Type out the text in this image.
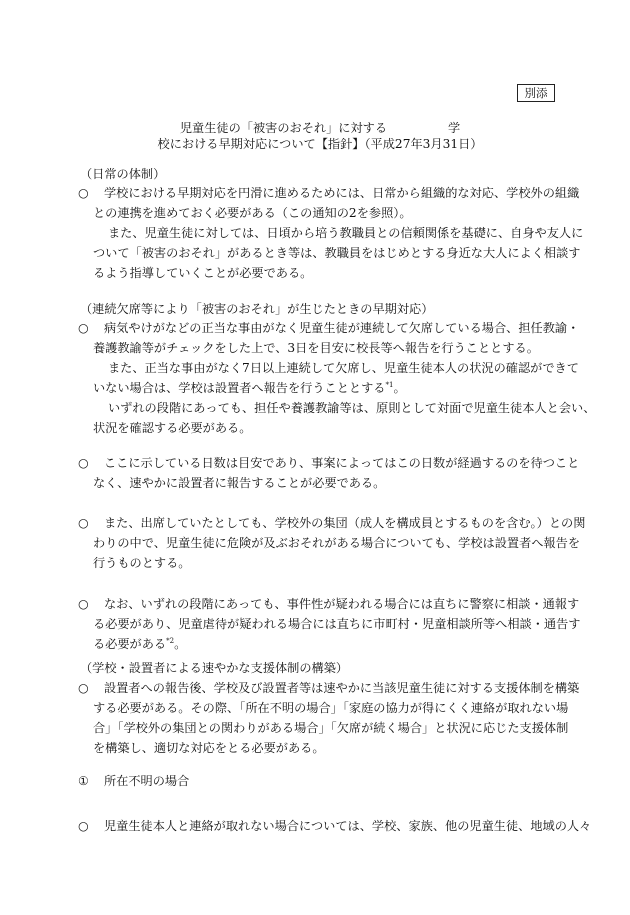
別添
児童生徒の「被害のおそれ」に対する　　　　　学
校における早期対応について【指針】（平成27年3月31日）
（日常の体制）
○ 学校における早期対応を円滑に進めるためには、日常から組織的な対応、学校外の組織
との連携を進めておく必要がある（この通知の2を参照）。
また、児童生徒に対しては、日頃から培う教職員との信頼関係を基礎に、自身や友人に
ついて「被害のおそれ」があるとき等は、教職員をはじめとする身近な大人によく相談す
るよう指導していくことが必要である。
（連続欠席等により「被害のおそれ」が生じたときの早期対応）
○ 病気やけがなどの正当な事由がなく児童生徒が連続して欠席している場合、担任教諭・
養護教諭等がチェックをした上で、3日を目安に校長等へ報告を行うこととする。
また、正当な事由がなく7日以上連続して欠席し、児童生徒本人の状況の確認ができて
いない場合は、学校は設置者へ報告を行うこととする$^{*1}$。
いずれの段階にあっても、担任や養護教諭等は、原則として対面で児童生徒本人と会い、
状況を確認する必要がある。
○ ここに示している日数は目安であり、事案によってはこの日数が経過するのを待つこと
なく、速やかに設置者に報告することが必要である。
○ また、出席していたとしても、学校外の集団（成人を構成員とするものを含む。）との関
わりの中で、児童生徒に危険が及ぶおそれがある場合についても、学校は設置者へ報告を
行うものとする。
○ なお、いずれの段階にあっても、事件性が疑われる場合には直ちに警察に相談・通報す
る必要があり、児童虐待が疑われる場合には直ちに市町村・児童相談所等へ相談・通告す
る必要がある$^{*2}$。
（学校・設置者による速やかな支援体制の構築）
○ 設置者への報告後、学校及び設置者等は速やかに当該児童生徒に対する支援体制を構築
する必要がある。その際、「所在不明の場合」「家庭の協力が得にくく連絡が取れない場
合」「学校外の集団との関わりがある場合」「欠席が続く場合」と状況に応じた支援体制
を構築し、適切な対応をとる必要がある。
① 所在不明の場合
○ 児童生徒本人と連絡が取れない場合については、学校、家族、他の児童生徒、地域の人々
